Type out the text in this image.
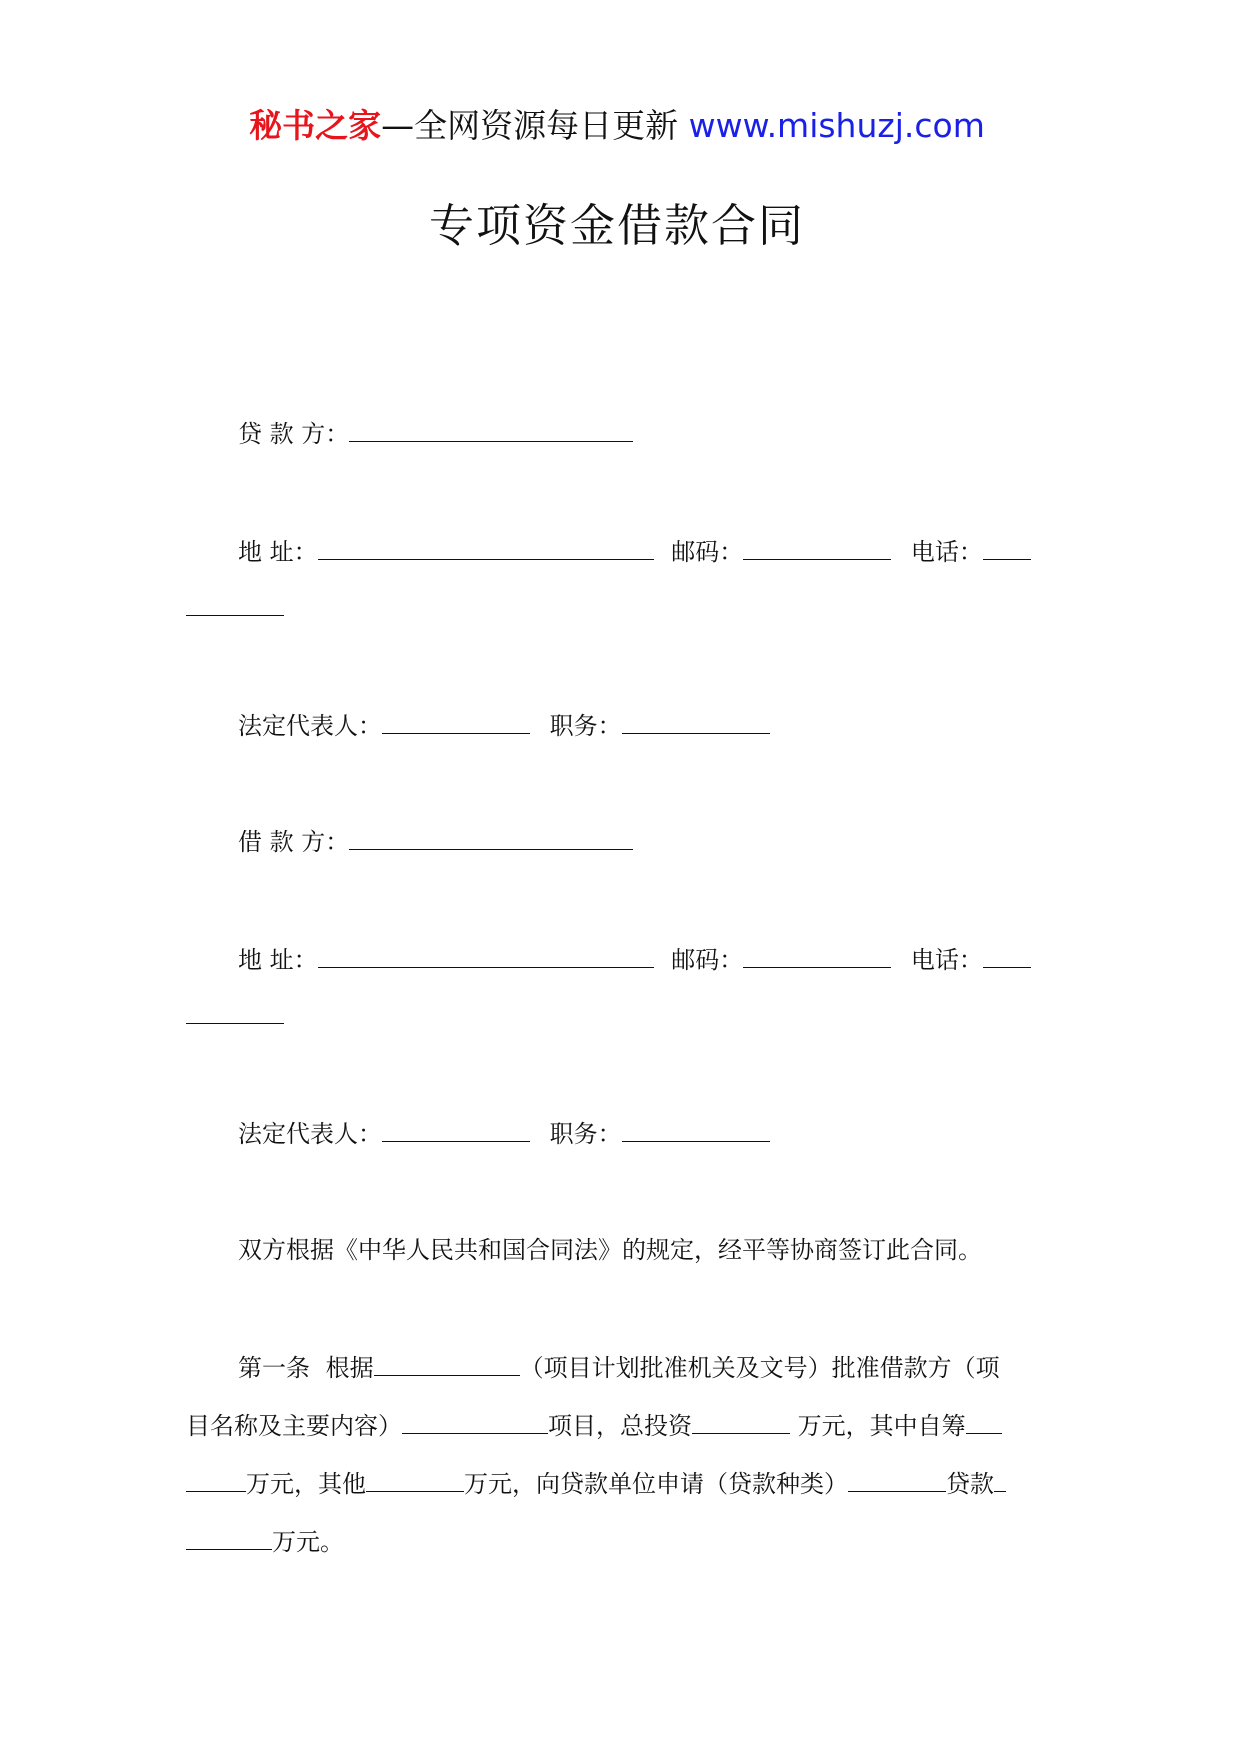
秘书之家—全网资源每日更新 www.mishuzj.com
专项资金借款合同
贷 款 方：
地 址：	邮码：	电话：
法定代表人：	职务：
借 款 方：
地 址：	邮码：	电话：
法定代表人：	职务：
双方根据《中华人民共和国合同法》的规定，经平等协商签订此合同。
第一条 根据	（项目计划批准机关及文号）批准借款方（项
目名称及主要内容）	项目，总投资	万元，其中自筹
万元，其他	万元，向贷款单位申请（贷款种类）	贷款
万元。
